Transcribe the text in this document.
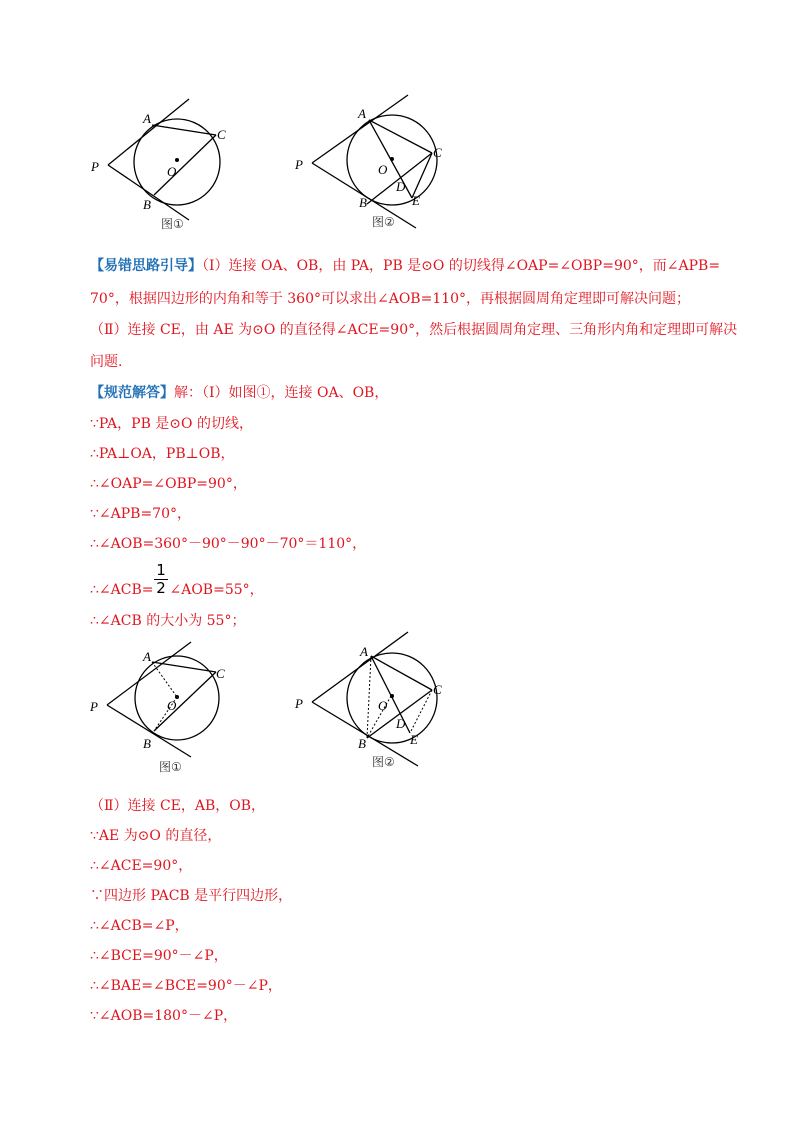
A
C
O
P
B
图①
A
C
O
D
P
B	E
图②
【易错思路引导】（Ⅰ）连接 OA、OB，由 PA，PB 是⊙O 的切线得∠OAP=∠OBP=90°，而∠APB=
70°，根据四边形的内角和等于 360°可以求出∠AOB=110°，再根据圆周角定理即可解决问题；
（Ⅱ）连接 CE，由 AE 为⊙O 的直径得∠ACE=90°，然后根据圆周角定理、三角形内角和定理即可解决
问题.
【规范解答】解：（Ⅰ）如图①，连接 OA、OB，
∵PA，PB 是⊙O 的切线，
∴PA⊥OA，PB⊥OB，
∴∠OAP=∠OBP=90°，
∵∠APB=70°，
∴∠AOB=360°－90°－90°－70°＝110°，
∴∠ACB= ∠AOB=55°，
$\frac{1}{2}$
∴∠ACB 的大小为 55°；
A
C
O
P
B
图①
A
C
O
D
P
B	E
图②
（Ⅱ）连接 CE，AB，OB，
∵AE 为⊙O 的直径，
∴∠ACE=90°，
∵四边形 PACB 是平行四边形，
∴∠ACB=∠P，
∴∠BCE=90°－∠P，
∴∠BAE=∠BCE=90°－∠P，
∵∠AOB=180°－∠P，
